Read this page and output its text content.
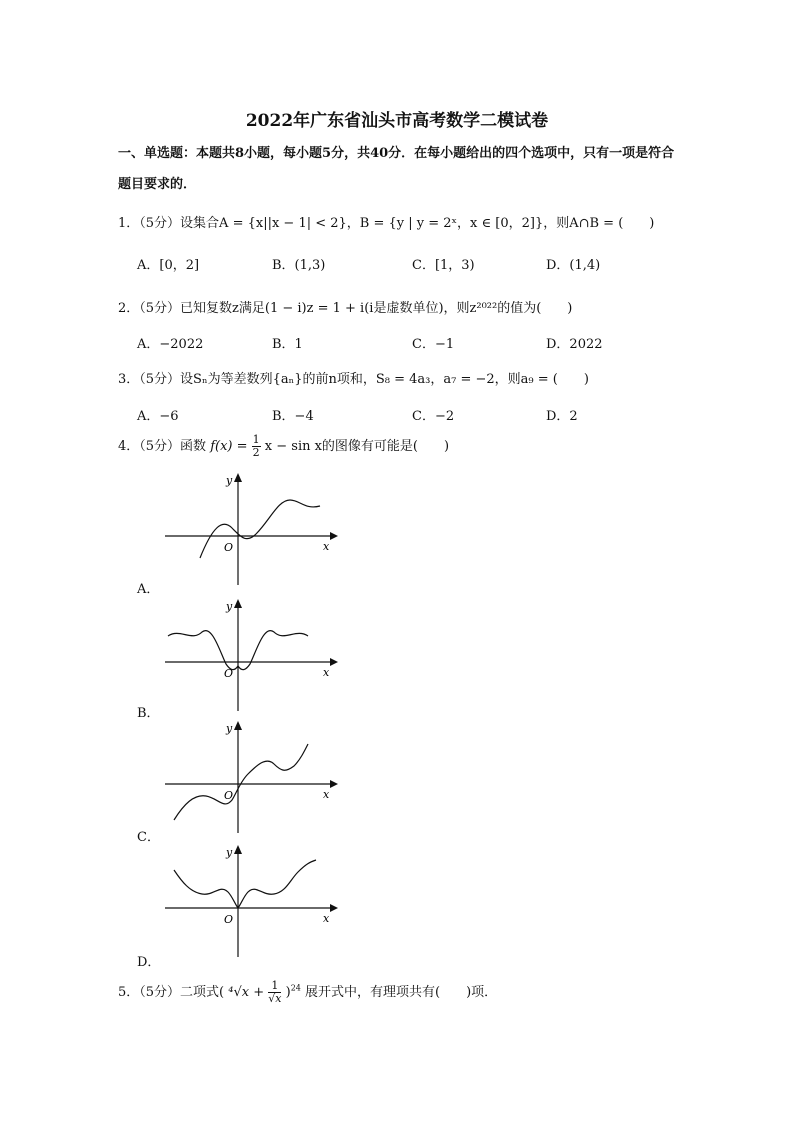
2022年广东省汕头市高考数学二模试卷
一、单选题：本题共8小题，每小题5分，共40分．在每小题给出的四个选项中，只有一项是符合题目要求的．
1．（5分）设集合A = {x||x − 1| < 2}，B = {y | y = 2ˣ，x ∈ [0，2]}，则A∩B = (　　)
A．[0，2]	B．(1,3)	C．[1，3)	D．(1,4)
2．（5分）已知复数z满足(1 − i)z = 1 + i(i是虚数单位)，则z²⁰²²的值为(　　)
A．−2022	B．1	C．−1	D．2022
3．（5分）设Sₙ为等差数列{aₙ}的前n项和，S₈ = 4a₃，a₇ = −2，则a₉ = (　　)
A．−6	B．−4	C．−2	D．2
4．（5分）函数 $f(x) = \frac{1}{2}$ x − sin x的图像有可能是(　　)
y
x
O
A．
y
x
O
B．
y
x
O
C．
y
x
O
D．
5．（5分）二项式( $^4√x + \frac{1}{√x} )^{24}$ 展开式中，有理项共有(　　)项．
